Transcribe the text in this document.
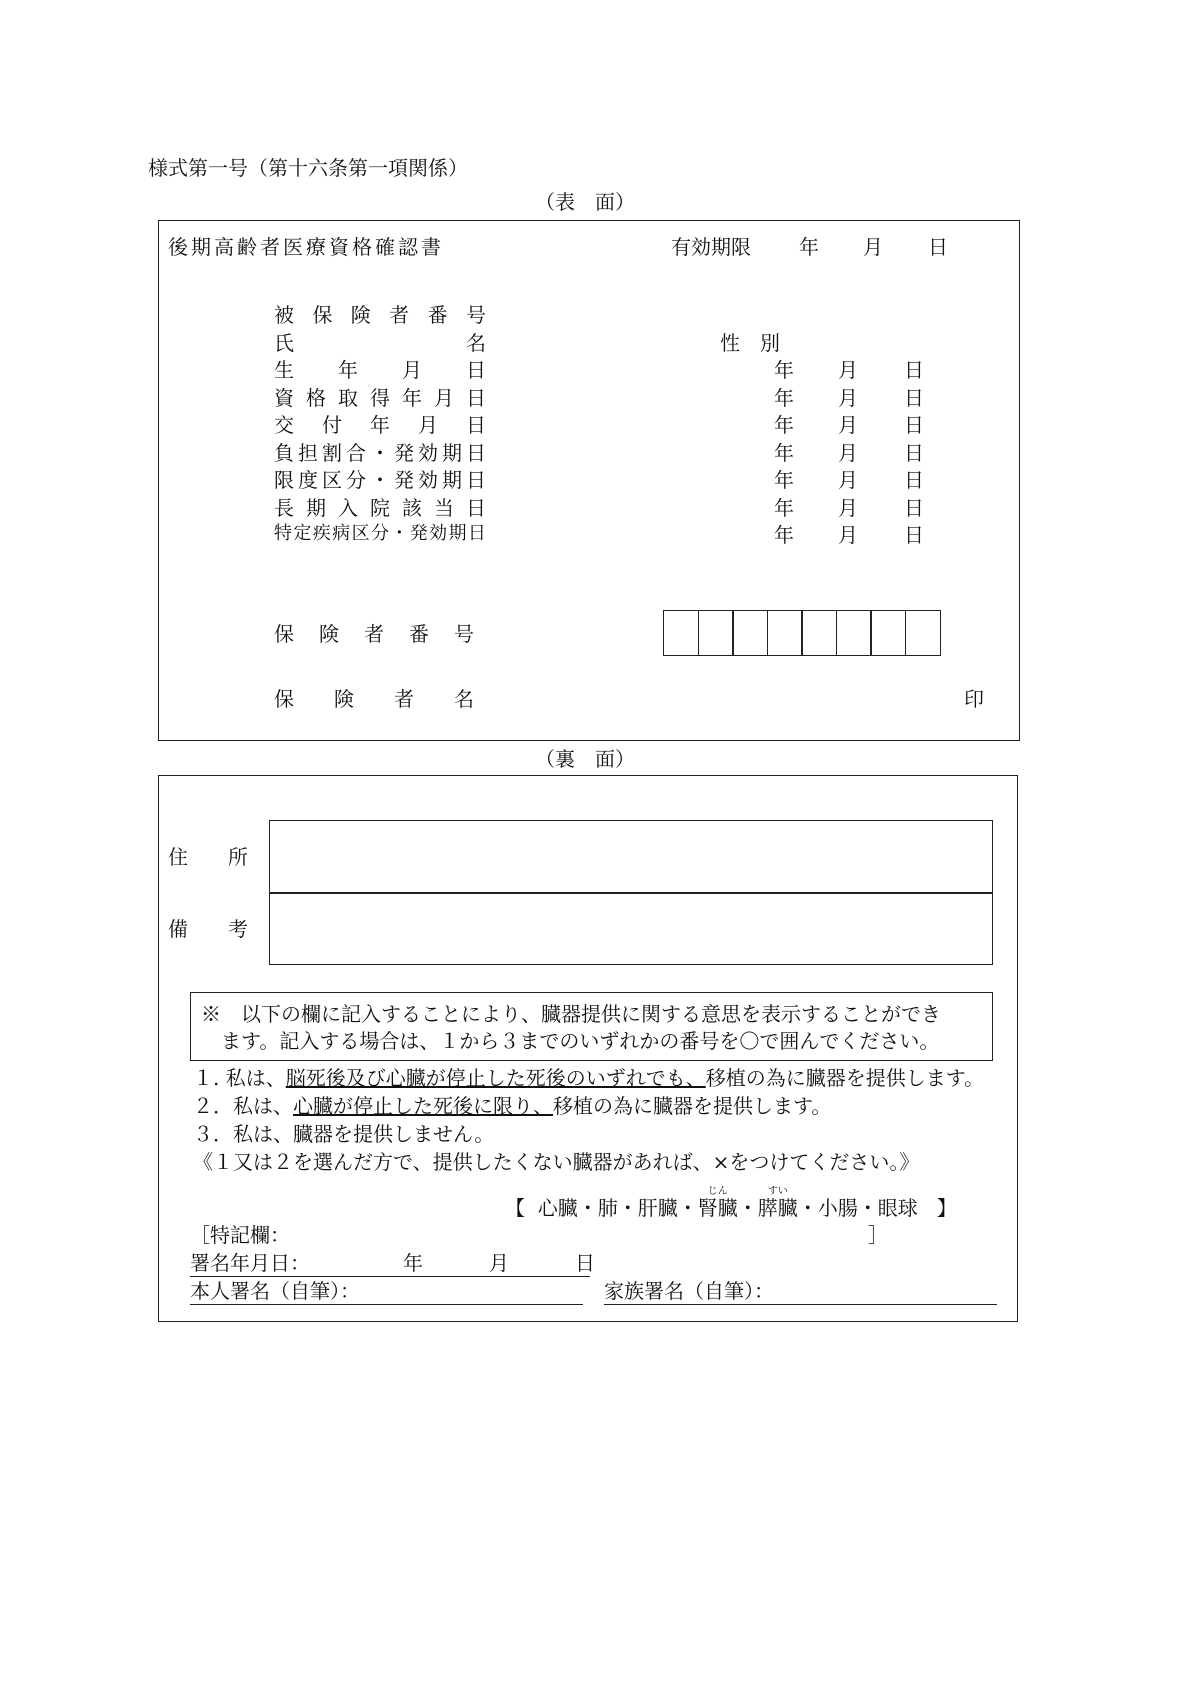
様式第一号（第十六条第一項関係）
（表　面）
後期高齢者医療資格確認書	有効期限 年 月 日
被 保 険 者 番 号
氏	名
生 年 月 日	年 月 日
資 格 取 得 年 月 日	年 月 日
交 付 年 月 日	年 月 日
負 担 割 合 ・ 発 効 期 日	年 月 日
限 度 区 分 ・ 発 効 期 日	年 月 日
長 期 入 院 該 当 日	年 月 日
特 定 疾 病 区 分 ・ 発 効 期 日	年 月 日
性　別
保 険 者 番 号
保 険 者 名	印
（裏　面）
住　　所
備　　考
※　以下の欄に記入することにより、臓器提供に関する意思を表示することができ
ます。記入する場合は、１から３までのいずれかの番号を〇で囲んでください。
１. 私は、脳死後及び心臓が停止した死後のいずれでも、移植の為に臓器を提供します。
２．私は、心臓が停止した死後に限り、移植の為に臓器を提供します。
３．私は、臓器を提供しません。
《１又は２を選んだ方で、提供したくない臓器があれば、×をつけてください。》
【 心臓・肺・肝臓・
じん
腎臓・
すい
膵臓・小腸・眼球 】
［特記欄：	］
署名年月日：	年	月	日
本人署名（自筆）：	家族署名（自筆）：
